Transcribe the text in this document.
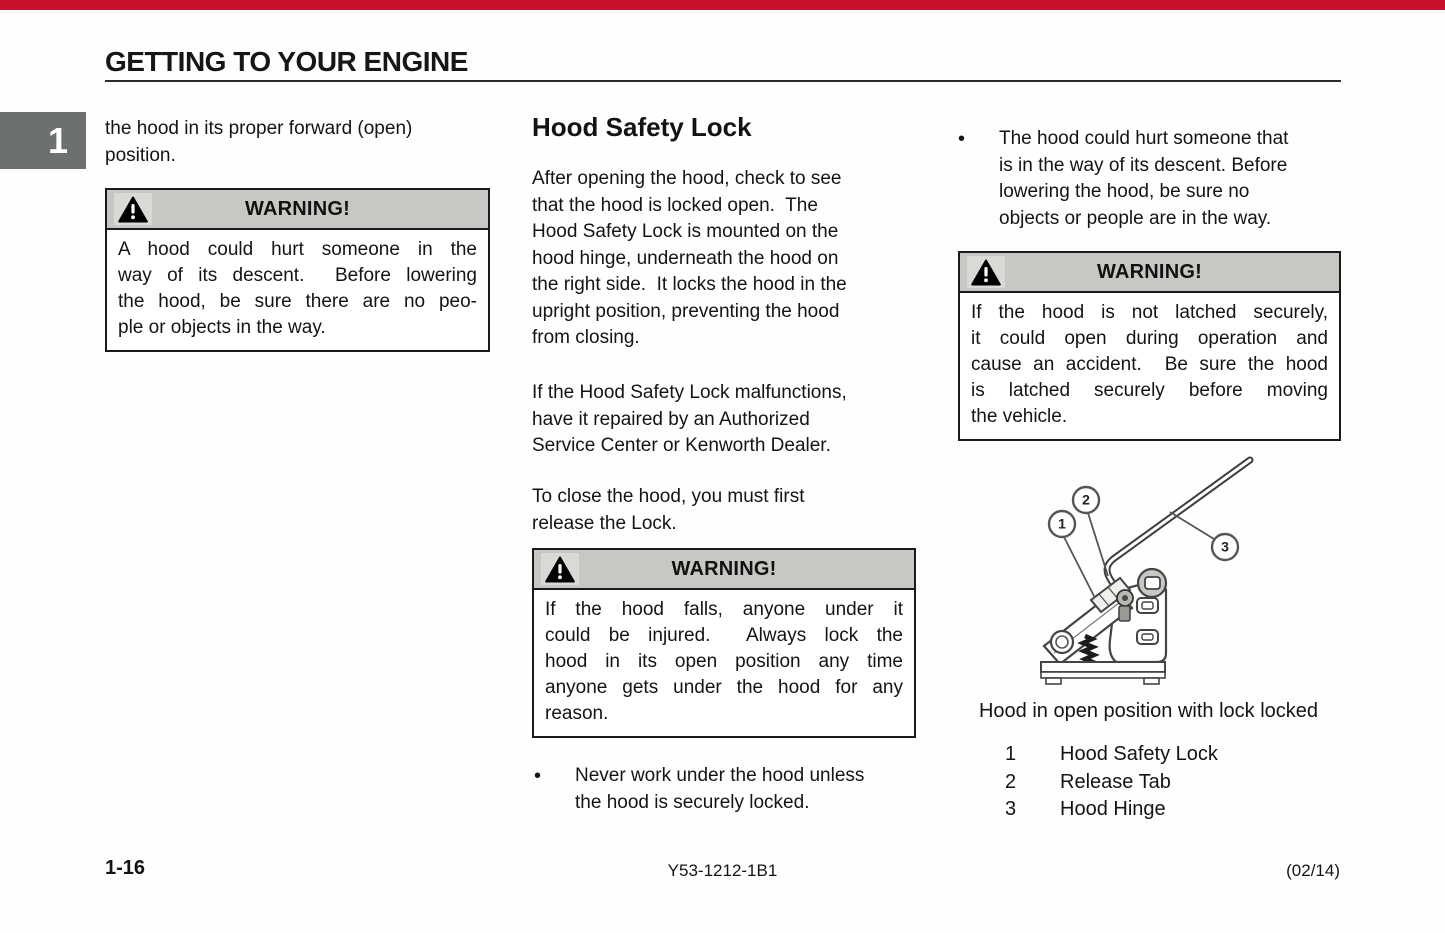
GETTING TO YOUR ENGINE
1 the hood in its proper forward (open)
position.
WARNING!
A hood could hurt someone in the
way of its descent.  Before lowering
the hood, be sure there are no peo-
ple or objects in the way.
Hood Safety Lock
After opening the hood, check to see
that the hood is locked open.  The
Hood Safety Lock is mounted on the
hood hinge, underneath the hood on
the right side.  It locks the hood in the
upright position, preventing the hood
from closing.
If the Hood Safety Lock malfunctions,
have it repaired by an Authorized
Service Center or Kenworth Dealer.
To close the hood, you must first
release the Lock.
WARNING!
If the hood falls, anyone under it
could be injured.  Always lock the
hood in its open position any time
anyone gets under the hood for any
reason.
•	Never work under the hood unless
the hood is securely locked.
•	The hood could hurt someone that
is in the way of its descent. Before
lowering the hood, be sure no
objects or people are in the way.
WARNING!
If the hood is not latched securely,
it could open during operation and
cause an accident.  Be sure the hood
is latched securely before moving
the vehicle.
1
2
3
Hood in open position with lock locked
1	Hood Safety Lock
2	Release Tab
3	Hood Hinge
1-16	Y53-1212-1B1	(02/14)
